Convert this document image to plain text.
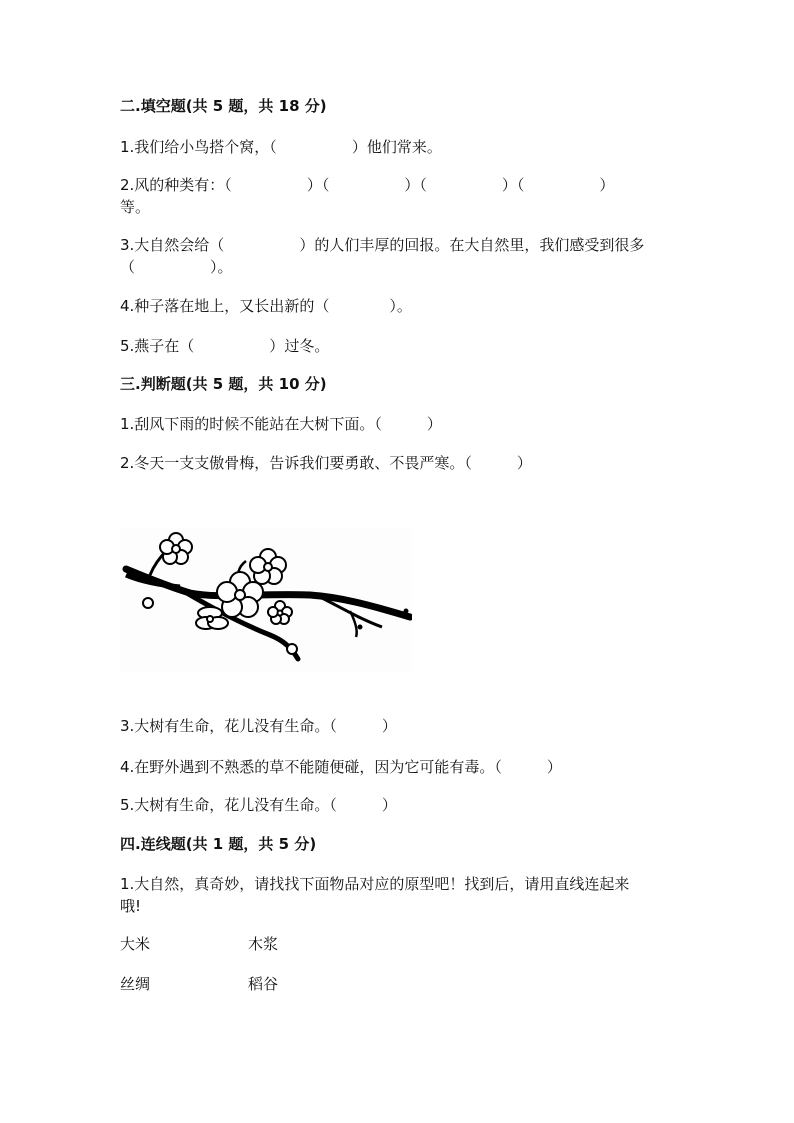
二.填空题(共 5 题，共 18 分)
1.我们给小鸟搭个窝，（　　　　　）他们常来。
2.风的种类有：（　　　　　）（　　　　　）（　　　　　）（　　　　　）
等。
3.大自然会给（　　　　　）的人们丰厚的回报。在大自然里，我们感受到很多
（　　　　　）。
4.种子落在地上，又长出新的（　　　　）。
5.燕子在（　　　　　）过冬。
三.判断题(共 5 题，共 10 分)
1.刮风下雨的时候不能站在大树下面。（　　　）
2.冬天一支支傲骨梅，告诉我们要勇敢、不畏严寒。（　　　）
3.大树有生命，花儿没有生命。（　　　）
4.在野外遇到不熟悉的草不能随便碰，因为它可能有毒。（　　　）
5.大树有生命，花儿没有生命。（　　　）
四.连线题(共 1 题，共 5 分)
1.大自然，真奇妙，请找找下面物品对应的原型吧！找到后，请用直线连起来
哦!
大米	木浆
丝绸	稻谷
